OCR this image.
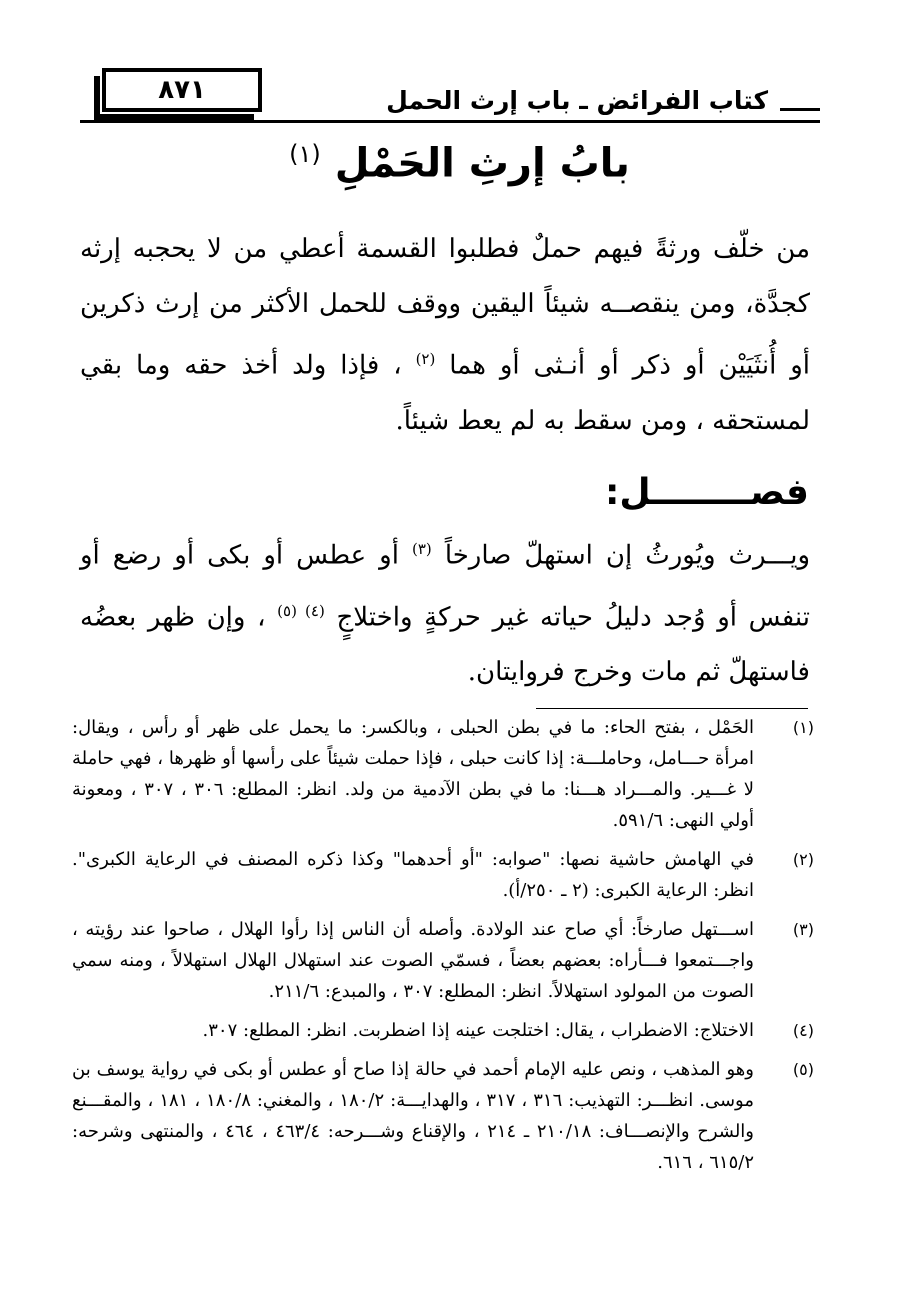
٨٧١	كتاب الفرائض ـ باب إرث الحمل
بابُ إرثِ الحَمْلِ $^{(١)}$
من خلّف ورثةً فيهم حملٌ فطلبوا القسمة أعطي من لا يحجبه إرثه كجدَّة، ومن ينقصــه شيئاً اليقين ووقف للحمل الأكثر من إرث ذكرين أو أُنثَيَيْن أو ذكر أو أنـثى أو هما $^{(٢)}$ ، فإذا ولد أخذ حقه وما بقي لمستحقه ، ومن سقط به لم يعط شيئاً.
فصــــــــل:
ويـــرث ويُورثُ إن استهلّ صارخاً $^{(٣)}$ أو عطس أو بكى أو رضع أو تنفس أو وُجد دليلُ حياته غير حركةٍ واختلاجٍ $^{(٤) (٥)}$ ، وإن ظهر بعضُه فاستهلّ ثم مات وخرج فروايتان.
(١)
الحَمْل ، بفتح الحاء: ما في بطن الحبلى ، وبالكسر: ما يحمل على ظهر أو رأس ، ويقال: امرأة حـــامل، وحاملـــة: إذا كانت حبلى ، فإذا حملت شيئاً على رأسها أو ظهرها ، فهي حاملة لا غـــير. والمـــراد هـــنا: ما في بطن الآدمية من ولد. انظر: المطلع: ٣٠٦ ، ٣٠٧ ، ومعونة أولي النهى: ٥٩١/٦.
(٢)
في الهامش حاشية نصها: "صوابه: "أو أحدهما" وكذا ذكره المصنف في الرعاية الكبرى". انظر: الرعاية الكبرى: (٢ ـ ٢٥٠/أ).
(٣)
اســـتهل صارخاً: أي صاح عند الولادة. وأصله أن الناس إذا رأوا الهلال ، صاحوا عند رؤيته ، واجـــتمعوا فـــأراه: بعضهم بعضاً ، فسمّي الصوت عند استهلال الهلال استهلالاً ، ومنه سمي الصوت من المولود استهلالاً. انظر: المطلع: ٣٠٧ ، والمبدع: ٢١١/٦.
(٤)
الاختلاج: الاضطراب ، يقال: اختلجت عينه إذا اضطربت. انظر: المطلع: ٣٠٧.
(٥)
وهو المذهب ، ونص عليه الإمام أحمد في حالة إذا صاح أو عطس أو بكى في رواية يوسف بن موسى. انظـــر: التهذيب: ٣١٦ ، ٣١٧ ، والهدايـــة: ١٨٠/٢ ، والمغني: ١٨٠/٨ ، ١٨١ ، والمقـــنع والشرح والإنصـــاف: ٢١٠/١٨ ـ ٢١٤ ، والإقناع وشـــرحه: ٤٦٣/٤ ، ٤٦٤ ، والمنتهى وشرحه: ٦١٥/٢ ، ٦١٦.
